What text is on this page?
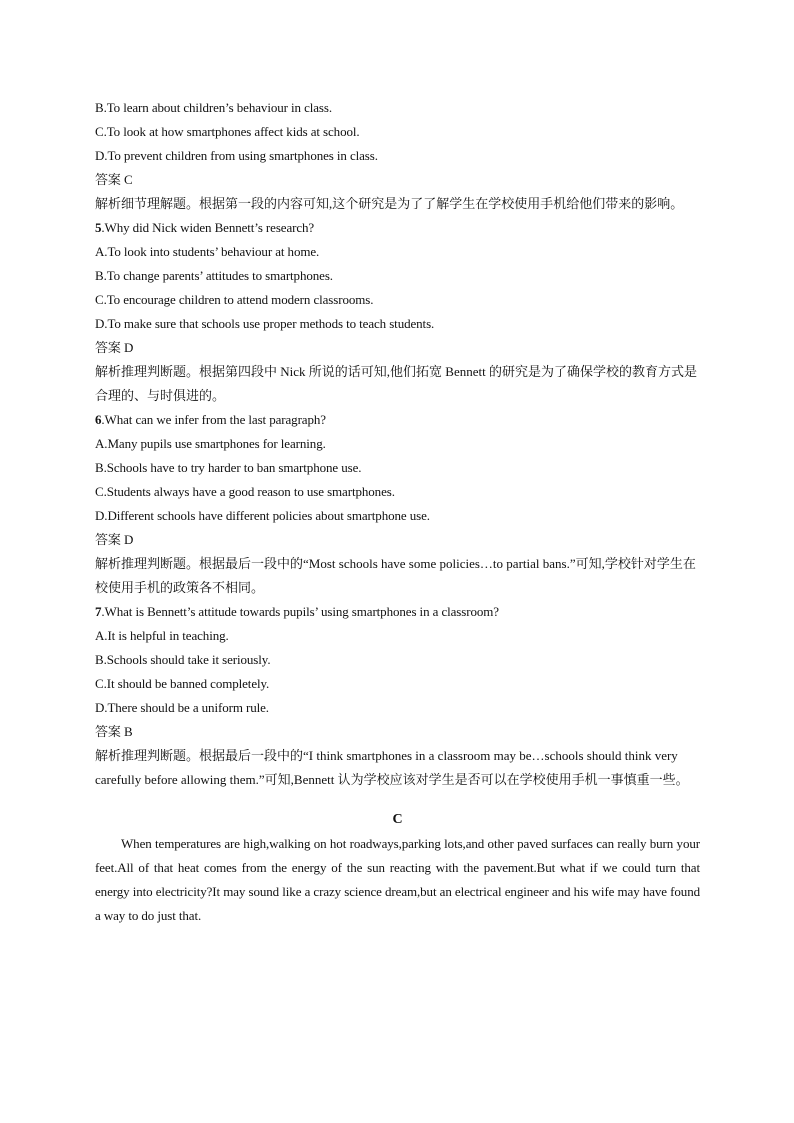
B.To learn about children’s behaviour in class.
C.To look at how smartphones affect kids at school.
D.To prevent children from using smartphones in class.
答案 C
解析细节理解题。根据第一段的内容可知,这个研究是为了了解学生在学校使用手机给他们带来的影响。
5.Why did Nick widen Bennett’s research?
A.To look into students’ behaviour at home.
B.To change parents’ attitudes to smartphones.
C.To encourage children to attend modern classrooms.
D.To make sure that schools use proper methods to teach students.
答案 D
解析推理判断题。根据第四段中 Nick 所说的话可知,他们拓宽 Bennett 的研究是为了确保学校的教育方式是合理的、与时俱进的。
6.What can we infer from the last paragraph?
A.Many pupils use smartphones for learning.
B.Schools have to try harder to ban smartphone use.
C.Students always have a good reason to use smartphones.
D.Different schools have different policies about smartphone use.
答案 D
解析推理判断题。根据最后一段中的“Most schools have some policies…to partial bans.”可知,学校针对学生在校使用手机的政策各不相同。
7.What is Bennett’s attitude towards pupils’ using smartphones in a classroom?
A.It is helpful in teaching.
B.Schools should take it seriously.
C.It should be banned completely.
D.There should be a uniform rule.
答案 B
解析推理判断题。根据最后一段中的“I think smartphones in a classroom may be…schools should think very carefully before allowing them.”可知,Bennett 认为学校应该对学生是否可以在学校使用手机一事慎重一些。
C

When temperatures are high,walking on hot roadways,parking lots,and other paved surfaces can really burn your feet.All of that heat comes from the energy of the sun reacting with the pavement.But what if we could turn that energy into electricity?It may sound like a crazy science dream,but an electrical engineer and his wife may have found a way to do just that.
